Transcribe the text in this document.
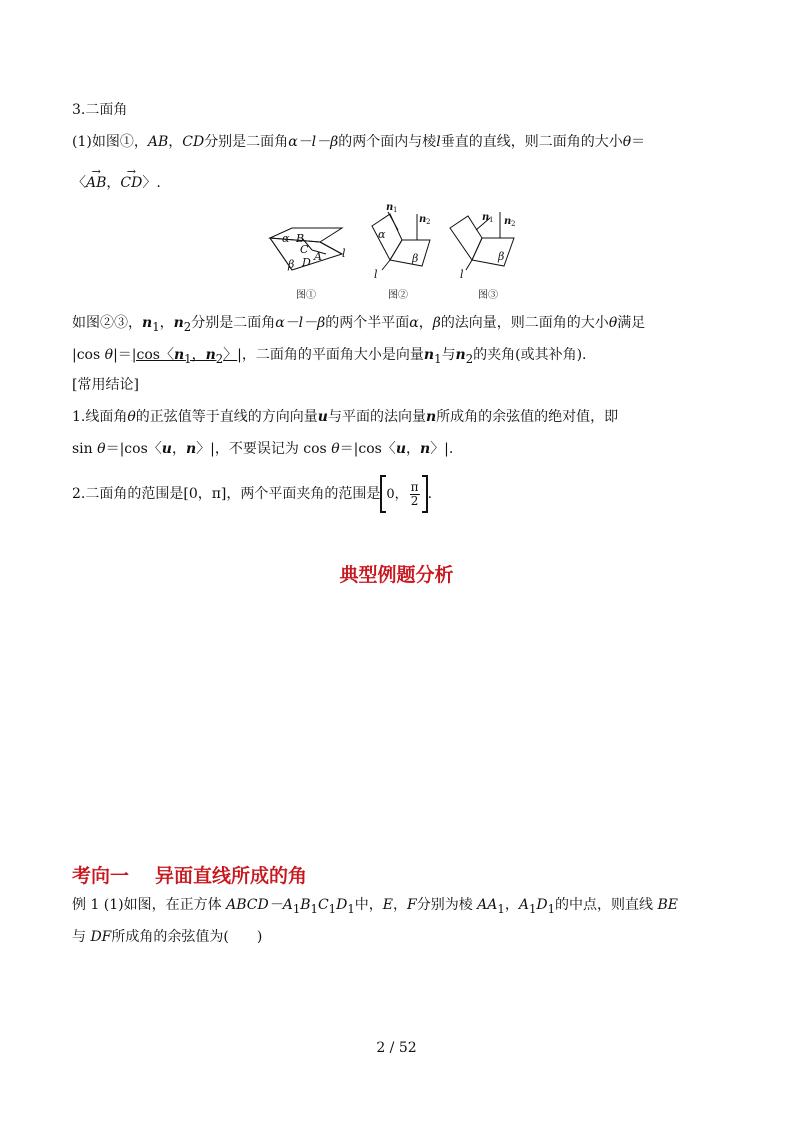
3.二面角
(1)如图①，AB，CD分别是二面角α－l－β的两个面内与棱l垂直的直线，则二面角的大小θ＝
〈→ AB，→ CD〉.
α
β
B
C
D A l
α
β
l
n 1
n 2
β
l
n 1 n 2
图①	图②	图③
如图②③，$n_1$，$n_2$分别是二面角α－l－β的两个半平面α，β的法向量，则二面角的大小θ满足
|cos θ|＝|cos〈$n_1$，$n_2$〉|，二面角的平面角大小是向量$n_1$与$n_2$的夹角(或其补角).
[常用结论]
1.线面角θ的正弦值等于直线的方向向量u与平面的法向量n所成角的余弦值的绝对值，即
sin θ＝|cos〈u，n〉|，不要误记为 cos θ＝|cos〈u，n〉|.
2.二面角的范围是[0，π]，两个平面夹角的范围是 0， $\frac{\pi}{2}$ .
典型例题分析
考向一 异面直线所成的角
例 1 (1)如图，在正方体 $ABCD-A_1B_1C_1D_1$中，E，F分别为棱 $AA_1$，$A_1D_1$的中点，则直线 BE
与 DF所成角的余弦值为(　　)
2 / 52
